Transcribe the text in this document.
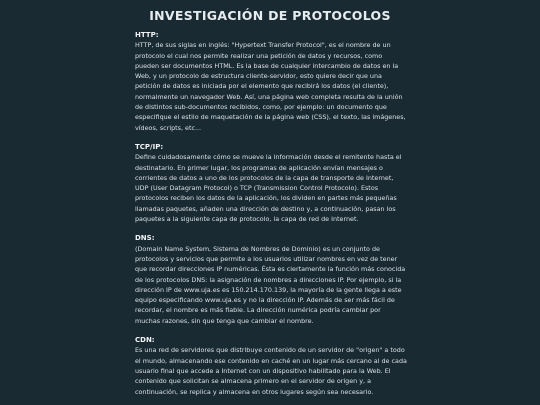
INVESTIGACIÓN DE PROTOCOLOS

HTTP:

HTTP, de sus siglas en inglés: "Hypertext Transfer Protocol", es el nombre de un protocolo el cual nos permite realizar una petición de datos y recursos, como pueden ser documentos HTML. Es la base de cualquier intercambio de datos en la Web, y un protocolo de estructura cliente-servidor, esto quiere decir que una petición de datos es iniciada por el elemento que recibirá los datos (el cliente), normalmente un navegador Web. Así, una página web completa resulta de la unión de distintos sub-documentos recibidos, como, por ejemplo: un documento que especifique el estilo de maquetación de la página web (CSS), el texto, las imágenes, vídeos, scripts, etc...

TCP/IP:

Define cuidadosamente cómo se mueve la información desde el remitente hasta el destinatario. En primer lugar, los programas de aplicación envían mensajes o corrientes de datos a uno de los protocolos de la capa de transporte de Internet, UDP (User Datagram Protocol) o TCP (Transmission Control Protocolo). Estos protocolos reciben los datos de la aplicación, los dividen en partes más pequeñas llamadas paquetes, añaden una dirección de destino y, a continuación, pasan los paquetes a la siguiente capa de protocolo, la capa de red de Internet.

DNS:

(Domain Name System, Sistema de Nombres de Dominio) es un conjunto de protocolos y servicios que permite a los usuarios utilizar nombres en vez de tener que recordar direcciones IP numéricas. Ésta es ciertamente la función más conocida de los protocolos DNS: la asignación de nombres a direcciones IP. Por ejemplo, si la dirección IP de www.uja.es es 150.214.170.139, la mayoría de la gente llega a este equipo especificando www.uja.es y no la dirección IP. Además de ser más fácil de recordar, el nombre es más fiable. La dirección numérica podría cambiar por muchas razones, sin que tenga que cambiar el nombre.

CDN:

Es una red de servidores que distribuye contenido de un servidor de "origen" a todo el mundo, almacenando ese contenido en caché en un lugar más cercano al de cada usuario final que accede a Internet con un dispositivo habilitado para la Web. El contenido que solicitan se almacena primero en el servidor de origen y, a continuación, se replica y almacena en otros lugares según sea necesario.
